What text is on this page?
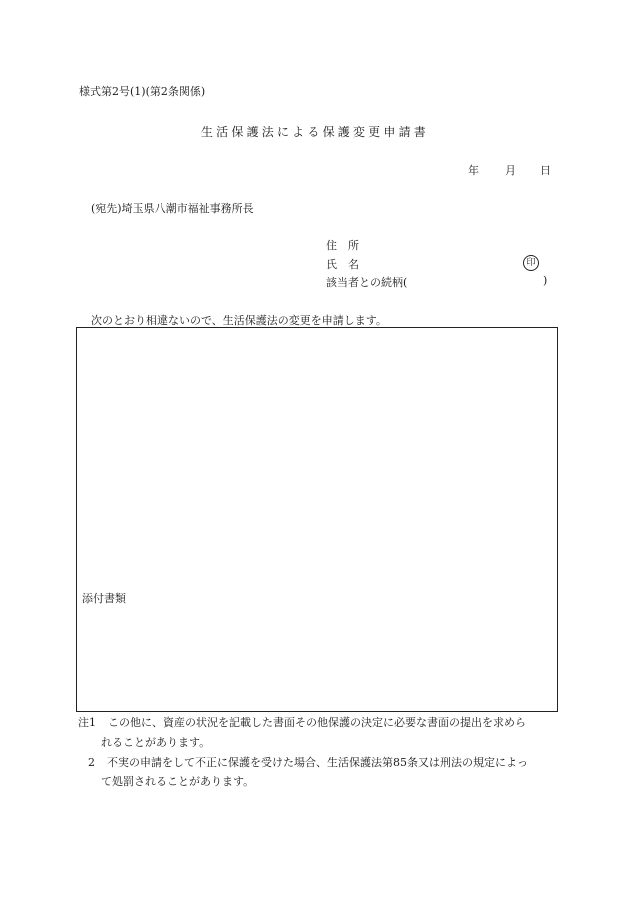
様式第2号(1)(第2条関係)
生活保護法による保護変更申請書
年 月 日
(宛先)埼玉県八潮市福祉事務所長
住　所
氏　名	印
該当者との続柄(	)
次のとおり相違ないので、生活保護法の変更を申請します。
添付書類
注1 この他に、資産の状況を記載した書面その他保護の決定に必要な書面の提出を求めら
れることがあります。
2 不実の申請をして不正に保護を受けた場合、生活保護法第85条又は刑法の規定によっ
て処罰されることがあります。
